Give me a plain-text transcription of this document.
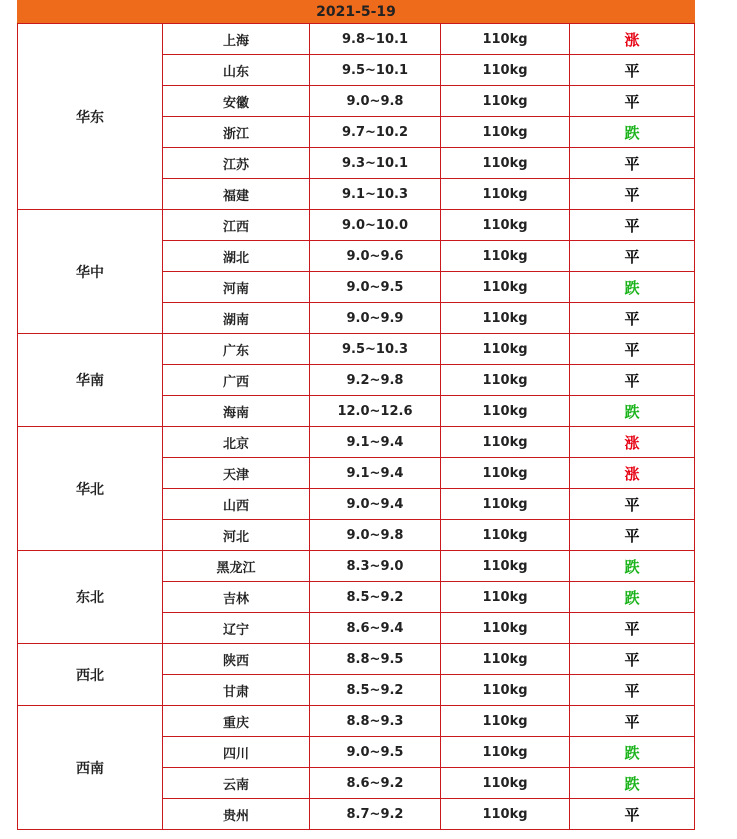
2021-5-19				
华东	上海	9.8~10.1	110kg	涨
	山东	9.5~10.1	110kg	平
	安徽	9.0~9.8	110kg	平
	浙江	9.7~10.2	110kg	跌
	江苏	9.3~10.1	110kg	平
	福建	9.1~10.3	110kg	平
华中	江西	9.0~10.0	110kg	平
	湖北	9.0~9.6	110kg	平
	河南	9.0~9.5	110kg	跌
	湖南	9.0~9.9	110kg	平
华南	广东	9.5~10.3	110kg	平
	广西	9.2~9.8	110kg	平
	海南	12.0~12.6	110kg	跌
华北	北京	9.1~9.4	110kg	涨
	天津	9.1~9.4	110kg	涨
	山西	9.0~9.4	110kg	平
	河北	9.0~9.8	110kg	平
东北	黑龙江	8.3~9.0	110kg	跌
	吉林	8.5~9.2	110kg	跌
	辽宁	8.6~9.4	110kg	平
西北	陕西	8.8~9.5	110kg	平
	甘肃	8.5~9.2	110kg	平
西南	重庆	8.8~9.3	110kg	平
	四川	9.0~9.5	110kg	跌
	云南	8.6~9.2	110kg	跌
	贵州	8.7~9.2	110kg	平
